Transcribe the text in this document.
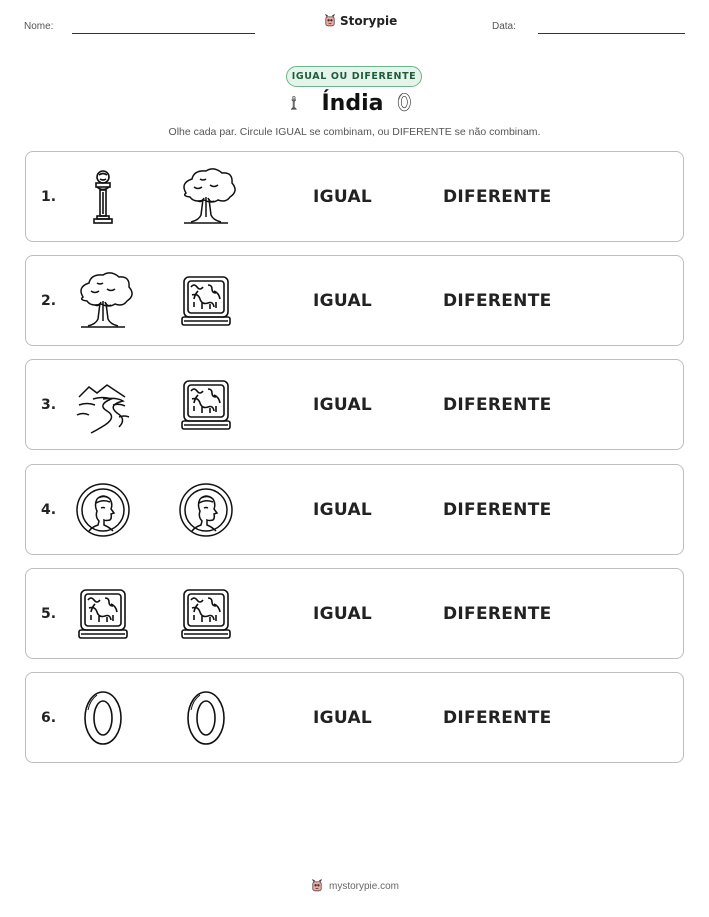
Nome:	Storypie	Data:
IGUAL OU DIFERENTE
Índia
Olhe cada par. Circule IGUAL se combinam, ou DIFERENTE se não combinam.
1.	IGUAL	DIFERENTE
2.	IGUAL	DIFERENTE
3.	IGUAL	DIFERENTE
4.	IGUAL	DIFERENTE
5.	IGUAL	DIFERENTE
6.	IGUAL	DIFERENTE
mystorypie.com
